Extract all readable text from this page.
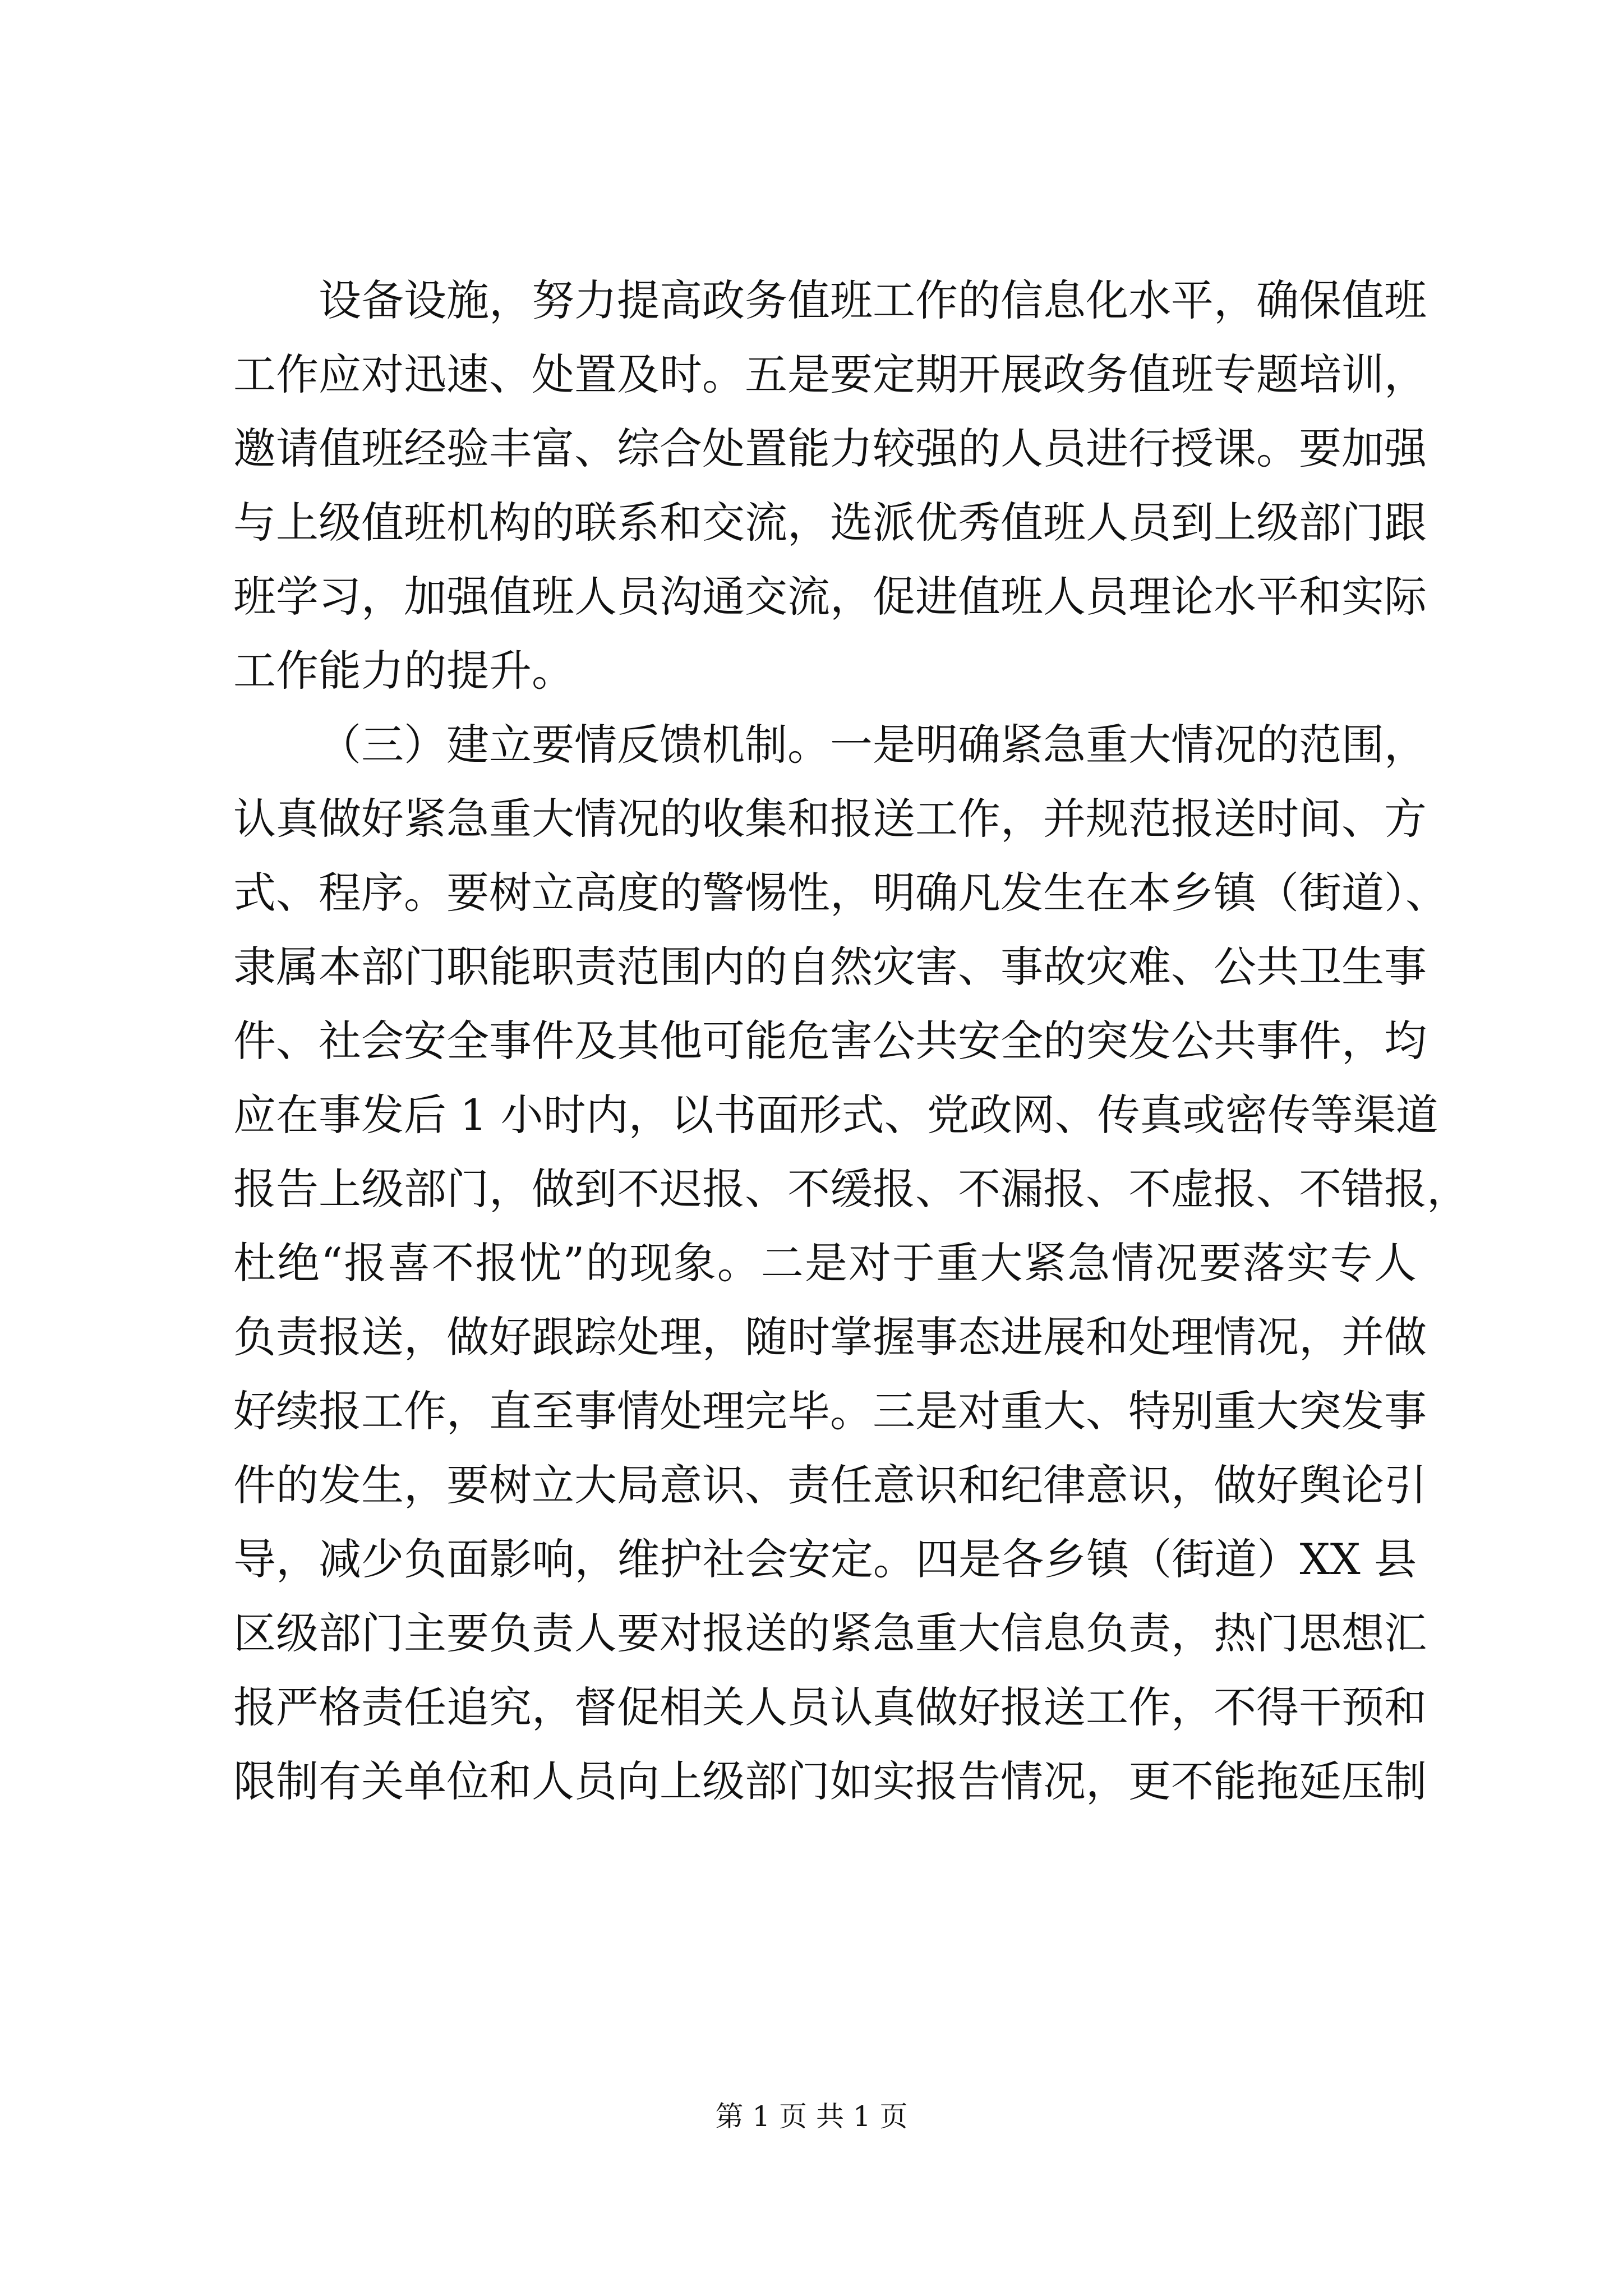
设备设施，努力提高政务值班工作的信息化水平，确保值班
工作应对迅速、处置及时。五是要定期开展政务值班专题培训，
邀请值班经验丰富、综合处置能力较强的人员进行授课。要加强
与上级值班机构的联系和交流，选派优秀值班人员到上级部门跟
班学习，加强值班人员沟通交流，促进值班人员理论水平和实际
工作能力的提升。
（三）建立要情反馈机制。一是明确紧急重大情况的范围，
认真做好紧急重大情况的收集和报送工作，并规范报送时间、方
式、程序。要树立高度的警惕性，明确凡发生在本乡镇（街道）、
隶属本部门职能职责范围内的自然灾害、事故灾难、公共卫生事
件、社会安全事件及其他可能危害公共安全的突发公共事件，均
应在事发后 1 小时内，以书面形式、党政网、传真或密传等渠道
报告上级部门，做到不迟报、不缓报、不漏报、不虚报、不错报，
杜绝“报喜不报忧”的现象。二是对于重大紧急情况要落实专人
负责报送，做好跟踪处理，随时掌握事态进展和处理情况，并做
好续报工作，直至事情处理完毕。三是对重大、特别重大突发事
件的发生，要树立大局意识、责任意识和纪律意识，做好舆论引
导，减少负面影响，维护社会安定。四是各乡镇（街道）XX 县
区级部门主要负责人要对报送的紧急重大信息负责，热门思想汇
报严格责任追究，督促相关人员认真做好报送工作，不得干预和
限制有关单位和人员向上级部门如实报告情况，更不能拖延压制
第 1 页 共 1 页
